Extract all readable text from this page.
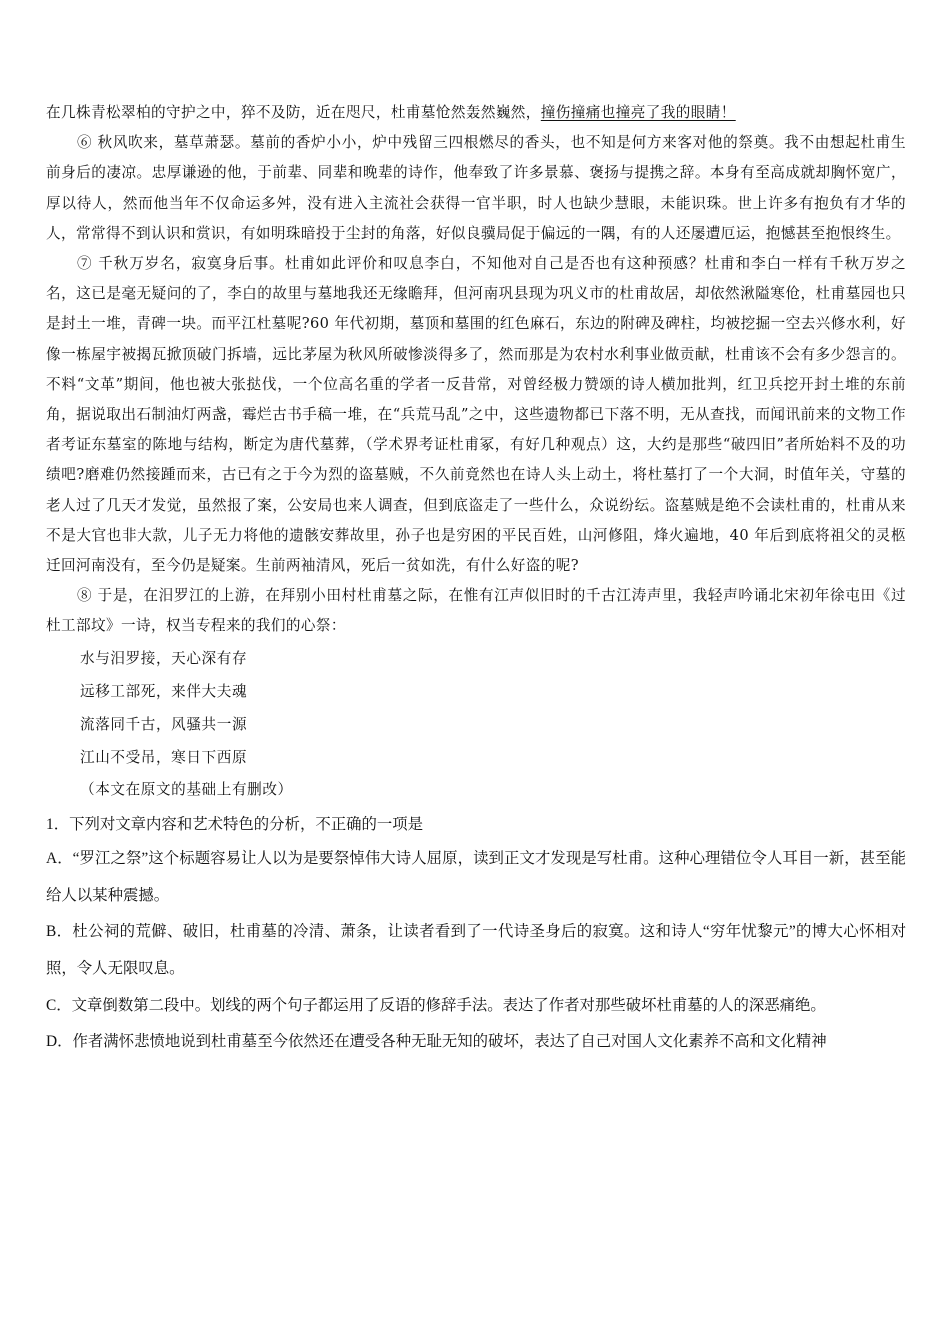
在几株青松翠柏的守护之中，猝不及防，近在咫尺，杜甫墓怆然轰然巍然，撞伤撞痛也撞亮了我的眼睛！

⑥ 秋风吹来，墓草萧瑟。墓前的香炉小小，炉中残留三四根燃尽的香头，也不知是何方来客对他的祭奠。我不由想起杜甫生前身后的凄凉。忠厚谦逊的他，于前辈、同辈和晚辈的诗作，他奉致了许多景慕、褒扬与提携之辞。本身有至高成就却胸怀宽广，厚以待人，然而他当年不仅命运多舛，没有进入主流社会获得一官半职，时人也缺少慧眼，未能识珠。世上许多有抱负有才华的人，常常得不到认识和赏识，有如明珠暗投于尘封的角落，好似良骥局促于偏远的一隅，有的人还屡遭厄运，抱憾甚至抱恨终生。

⑦ 千秋万岁名，寂寞身后事。杜甫如此评价和叹息李白，不知他对自己是否也有这种预感？杜甫和李白一样有千秋万岁之名，这已是毫无疑问的了，李白的故里与墓地我还无缘瞻拜，但河南巩县现为巩义市的杜甫故居，却依然湫隘寒伧，杜甫墓园也只是封土一堆，青碑一块。而平江杜墓呢?60 年代初期，墓顶和墓围的红色麻石，东边的附碑及碑柱，均被挖掘一空去兴修水利，好像一栋屋宇被揭瓦掀顶破门拆墙，远比茅屋为秋风所破惨淡得多了，然而那是为农村水利事业做贡献，杜甫该不会有多少怨言的。不料“文革”期间，他也被大张挞伐，一个位高名重的学者一反昔常，对曾经极力赞颂的诗人横加批判，红卫兵挖开封土堆的东前角，据说取出石制油灯两盏，霉烂古书手稿一堆，在“兵荒马乱”之中，这些遗物都已下落不明，无从查找，而闻讯前来的文物工作者考证东墓室的陈地与结构，断定为唐代墓葬，（学术界考证杜甫冢，有好几种观点）这，大约是那些“破四旧”者所始料不及的功绩吧?磨难仍然接踵而来，古已有之于今为烈的盗墓贼，不久前竟然也在诗人头上动土，将杜墓打了一个大洞，时值年关，守墓的老人过了几天才发觉，虽然报了案，公安局也来人调查，但到底盗走了一些什么，众说纷纭。盗墓贼是绝不会读杜甫的，杜甫从来不是大官也非大款，儿子无力将他的遗骸安葬故里，孙子也是穷困的平民百姓，山河修阻，烽火遍地，40 年后到底将祖父的灵柩迁回河南没有，至今仍是疑案。生前两袖清风，死后一贫如洗，有什么好盗的呢?

⑧ 于是，在汨罗江的上游，在拜别小田村杜甫墓之际，在惟有江声似旧时的千古江涛声里，我轻声吟诵北宋初年徐屯田《过杜工部坟》一诗，权当专程来的我们的心祭：

水与汨罗接，天心深有存
远移工部死，来伴大夫魂
流落同千古，风骚共一源
江山不受吊，寒日下西原
（本文在原文的基础上有删改）

1．下列对文章内容和艺术特色的分析，不正确的一项是

A．“罗江之祭”这个标题容易让人以为是要祭悼伟大诗人屈原，读到正文才发现是写杜甫。这种心理错位令人耳目一新，甚至能给人以某种震撼。

B．杜公祠的荒僻、破旧，杜甫墓的冷清、萧条，让读者看到了一代诗圣身后的寂寞。这和诗人“穷年忧黎元”的博大心怀相对照，令人无限叹息。

C．文章倒数第二段中。划线的两个句子都运用了反语的修辞手法。表达了作者对那些破坏杜甫墓的人的深恶痛绝。

D．作者满怀悲愤地说到杜甫墓至今依然还在遭受各种无耻无知的破坏，表达了自己对国人文化素养不高和文化精神
